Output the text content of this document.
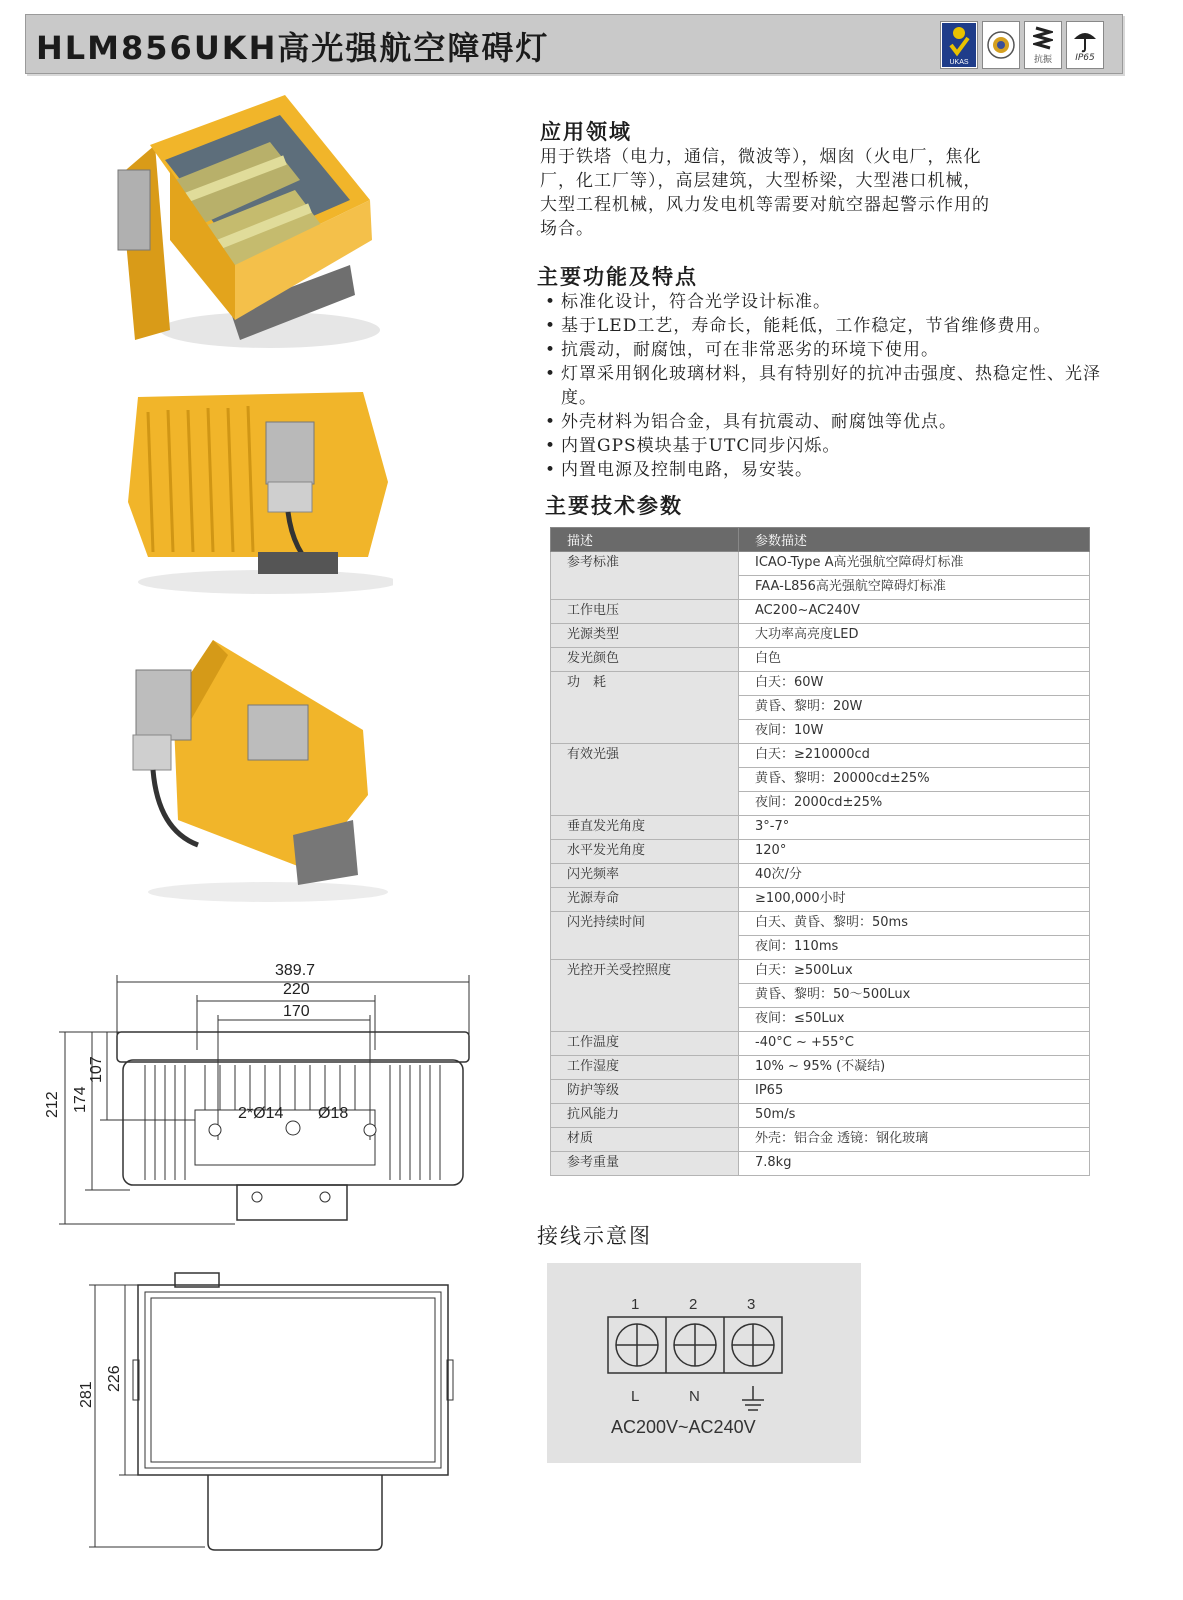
HLM856UKH高光强航空障碍灯	UKAS	抗振	IP65
389.7
220
170
2*Ø14 Ø18
212 174
107
281
226
应用领域
用于铁塔（电力，通信，微波等），烟囱（火电厂，焦化
厂，化工厂等），高层建筑，大型桥梁，大型港口机械，
大型工程机械，风力发电机等需要对航空器起警示作用的
场合。
主要功能及特点
• 标准化设计，符合光学设计标准。
• 基于LED工艺，寿命长，能耗低，工作稳定，节省维修费用。
• 抗震动，耐腐蚀，可在非常恶劣的环境下使用。
• 灯罩采用钢化玻璃材料，具有特别好的抗冲击强度、热稳定性、光泽度。
• 外壳材料为铝合金，具有抗震动、耐腐蚀等优点。
• 内置GPS模块基于UTC同步闪烁。
• 内置电源及控制电路，易安装。
主要技术参数
描述	参数描述
参考标准	ICAO-Type A高光强航空障碍灯标准
	FAA-L856高光强航空障碍灯标准
工作电压	AC200~AC240V
光源类型	大功率高亮度LED
发光颜色	白色
功　耗	白天：60W
	黄昏、黎明：20W
	夜间：10W
有效光强	白天：≥210000cd
	黄昏、黎明：20000cd±25%
	夜间：2000cd±25%
垂直发光角度	3°-7°
水平发光角度	120°
闪光频率	40次/分
光源寿命	≥100,000小时
闪光持续时间	白天、黄昏、黎明：50ms
	夜间：110ms
光控开关受控照度	白天：≥500Lux
	黄昏、黎明：50～500Lux
	夜间：≤50Lux
工作温度	-40°C ~ +55°C
工作湿度	10% ~ 95% (不凝结)
防护等级	IP65
抗风能力	50m/s
材质	外壳：铝合金 透镜：钢化玻璃
参考重量	7.8kg
接线示意图
1	2	3
L	N
AC200V~AC240V
